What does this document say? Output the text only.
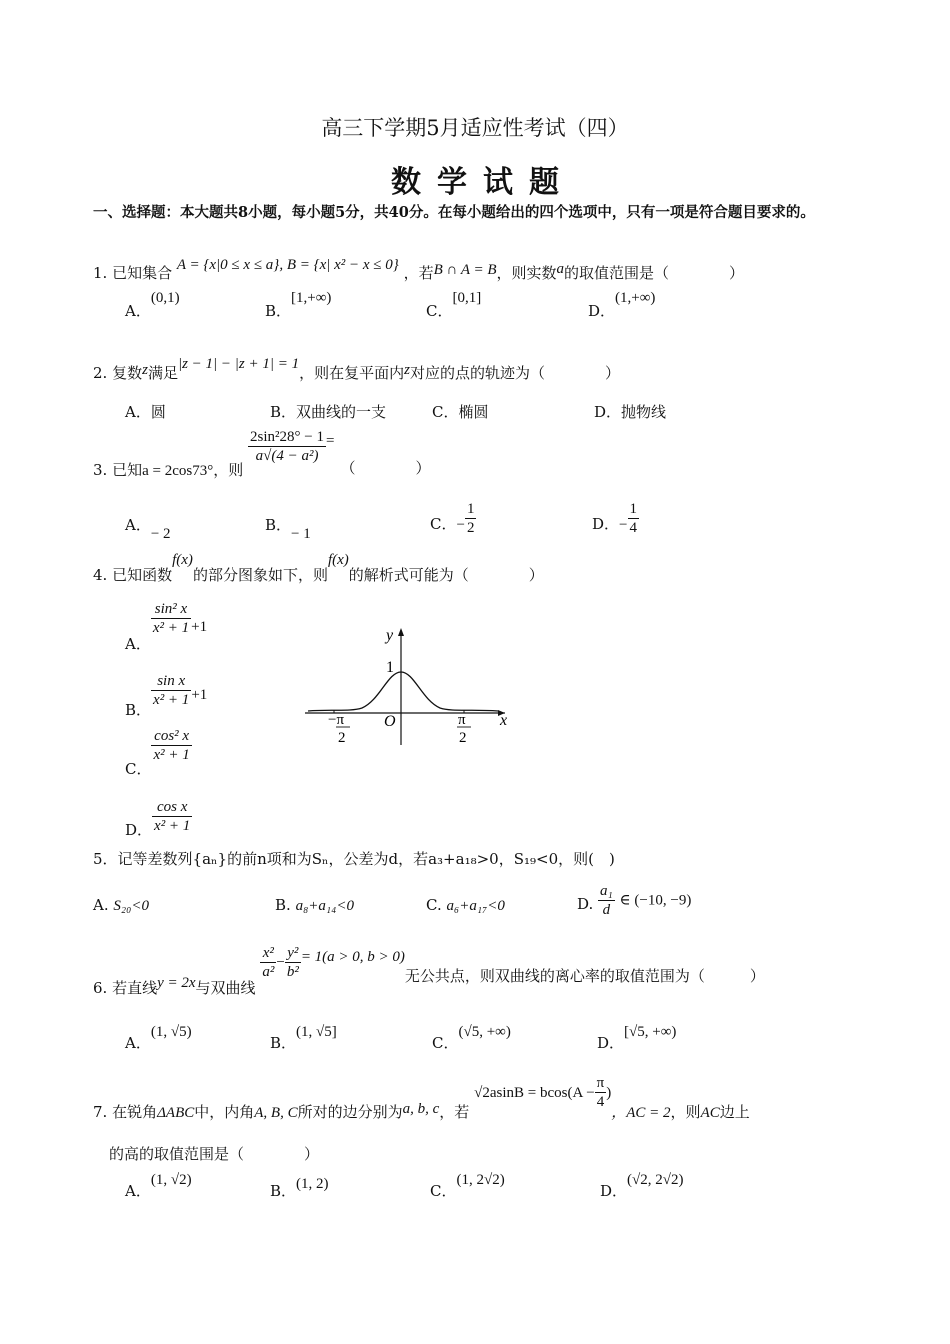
高三下学期5月适应性考试（四）
数学试题
一、选择题：本大题共8小题，每小题5分，共40分。在每小题给出的四个选项中，只有一项是符合题目要求的。
1. 已知集合 A = {x|0 ≤ x ≤ a}, B = {x| x² − x ≤ 0} ，若B ∩ A = B，则实数a的取值范围是（　　　　）
A．(0,1)
B．[1,+∞)
C．[0,1]
D．(1,+∞)
2. 复数z满足|z − 1| − |z + 1| = 1，则在复平面内z对应的点的轨迹为（　　　　）
A．圆	B．双曲线的一支	C．椭圆	D．抛物线
3. 已知a = 2cos73°，则
$\frac{\text{2sin²28° − 1}}{\text{a√(4 − a²)}}$ =（　　　　）
A．− 2	B．− 1
C．− $\frac{1}{2}$	D．− $\frac{1}{4}$
4. 已知函数f(x)的部分图象如下，则f(x)的解析式可能为（　　　　）
A．
$\frac{\text{sin² x}}{\text{x² + 1}} +1$
B．
$\frac{\text{sin x}}{\text{x² + 1}} +1$
C．
$\frac{\text{cos² x}}{\text{x² + 1}}$
D． $\frac{\text{cos x}}{\text{x² + 1}}$
y
x
O
1
−π
2
π
2
5．记等差数列{aₙ}的前n项和为Sₙ，公差为d，若a₃+a₁₈>0，S₁₉<0，则(　)
A. S₂₀<0	B. a₈+a₁₄<0	C. a₆+a₁₇<0	D. $\frac{\text{a₁}}{d}$ ∈ (−10, −9)
6. 若直线y = 2x与双曲线
$\frac{\text{x²}}{\text{a²}} - \frac{\text{y²}}{\text{b²}} = 1(a > 0$, b > 0)无公共点，则双曲线的离心率的取值范围为（　　　）
A．(1, √5)
B．(1, √5]
C．(√5, +∞)
D．[√5, +∞)
7. 在锐角ΔABC中，内角A, B, C所对的边分别为a, b, c，若 $√2asinB = bcos(A - \frac{\pi}{4}$ )，AC = 2，则AC边上
的高的取值范围是（　　　　）
A．(1, √2)
B．(1, 2)	C．(1, 2√2)
D．(√2, 2√2)
